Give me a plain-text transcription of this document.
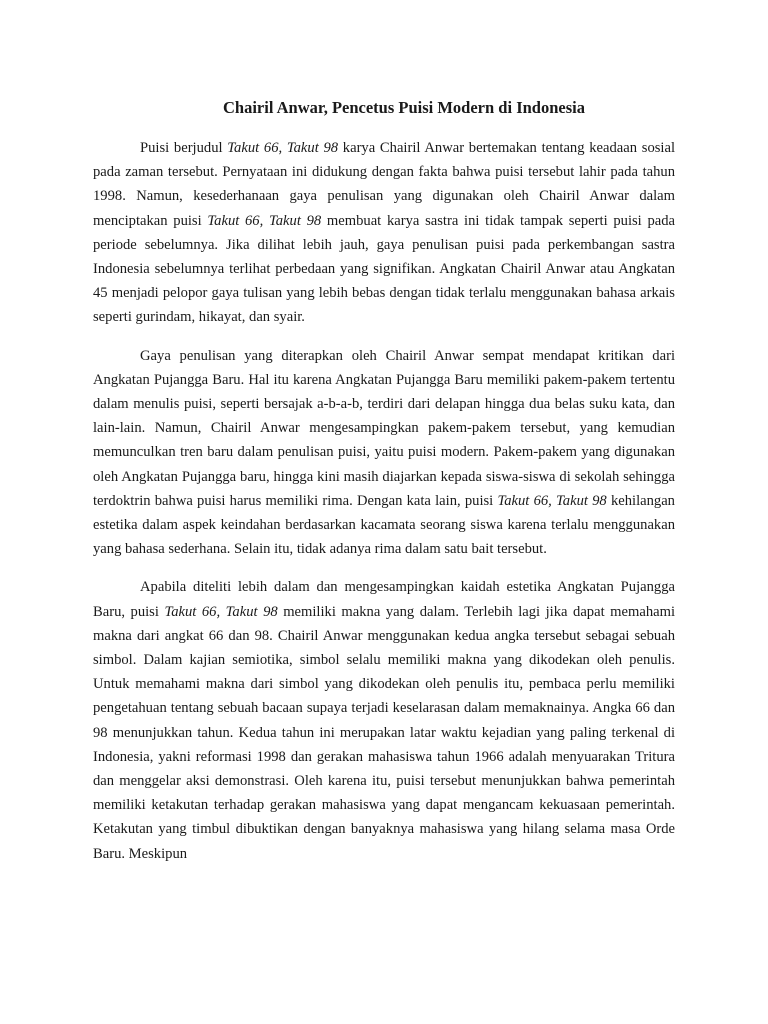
Chairil Anwar, Pencetus Puisi Modern di Indonesia

Puisi berjudul Takut 66, Takut 98 karya Chairil Anwar bertemakan tentang keadaan sosial pada zaman tersebut. Pernyataan ini didukung dengan fakta bahwa puisi tersebut lahir pada tahun 1998. Namun, kesederhanaan gaya penulisan yang digunakan oleh Chairil Anwar dalam menciptakan puisi Takut 66, Takut 98 membuat karya sastra ini tidak tampak seperti puisi pada periode sebelumnya. Jika dilihat lebih jauh, gaya penulisan puisi pada perkembangan sastra Indonesia sebelumnya terlihat perbedaan yang signifikan. Angkatan Chairil Anwar atau Angkatan 45 menjadi pelopor gaya tulisan yang lebih bebas dengan tidak terlalu menggunakan bahasa arkais seperti gurindam, hikayat, dan syair.

Gaya penulisan yang diterapkan oleh Chairil Anwar sempat mendapat kritikan dari Angkatan Pujangga Baru. Hal itu karena Angkatan Pujangga Baru memiliki pakem-pakem tertentu dalam menulis puisi, seperti bersajak a-b-a-b, terdiri dari delapan hingga dua belas suku kata, dan lain-lain. Namun, Chairil Anwar mengesampingkan pakem-pakem tersebut, yang kemudian memunculkan tren baru dalam penulisan puisi, yaitu puisi modern. Pakem-pakem yang digunakan oleh Angkatan Pujangga baru, hingga kini masih diajarkan kepada siswa-siswa di sekolah sehingga terdoktrin bahwa puisi harus memiliki rima. Dengan kata lain, puisi Takut 66, Takut 98 kehilangan estetika dalam aspek keindahan berdasarkan kacamata seorang siswa karena terlalu menggunakan yang bahasa sederhana. Selain itu, tidak adanya rima dalam satu bait tersebut.

Apabila diteliti lebih dalam dan mengesampingkan kaidah estetika Angkatan Pujangga Baru, puisi Takut 66, Takut 98 memiliki makna yang dalam. Terlebih lagi jika dapat memahami makna dari angkat 66 dan 98. Chairil Anwar menggunakan kedua angka tersebut sebagai sebuah simbol. Dalam kajian semiotika, simbol selalu memiliki makna yang dikodekan oleh penulis. Untuk memahami makna dari simbol yang dikodekan oleh penulis itu, pembaca perlu memiliki pengetahuan tentang sebuah bacaan supaya terjadi keselarasan dalam memaknainya. Angka 66 dan 98 menunjukkan tahun. Kedua tahun ini merupakan latar waktu kejadian yang paling terkenal di Indonesia, yakni reformasi 1998 dan gerakan mahasiswa tahun 1966 adalah menyuarakan Tritura dan menggelar aksi demonstrasi. Oleh karena itu, puisi tersebut menunjukkan bahwa pemerintah memiliki ketakutan terhadap gerakan mahasiswa yang dapat mengancam kekuasaan pemerintah. Ketakutan yang timbul dibuktikan dengan banyaknya mahasiswa yang hilang selama masa Orde Baru. Meskipun
